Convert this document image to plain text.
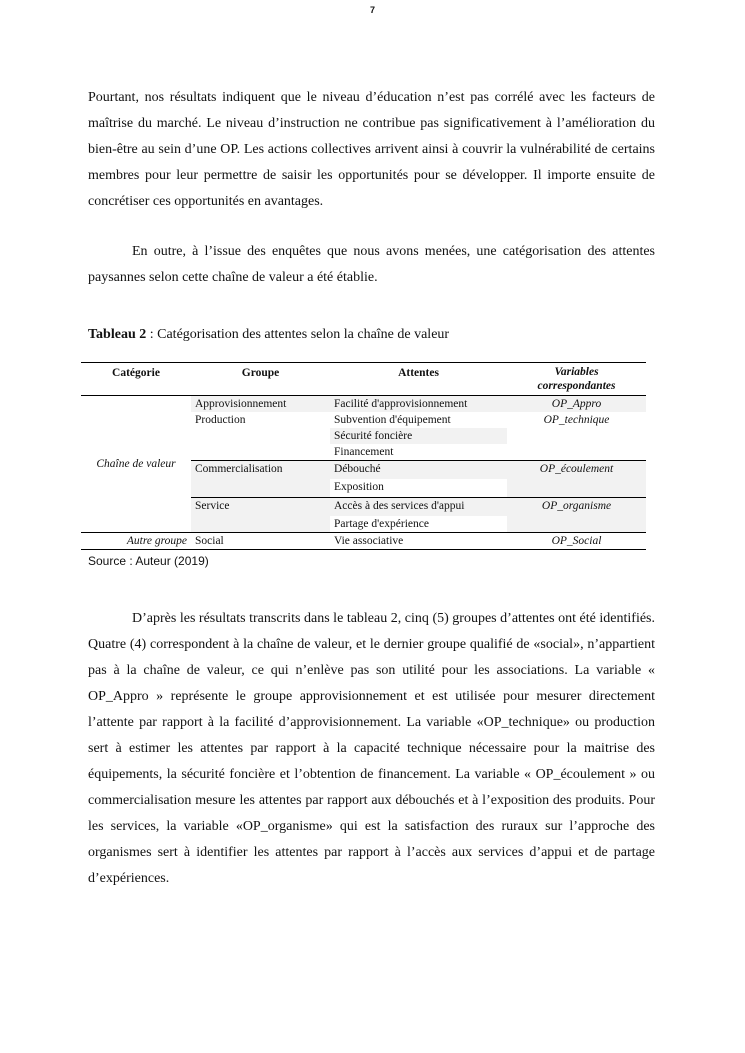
7

Pourtant, nos résultats indiquent que le niveau d’éducation n’est pas corrélé avec les facteurs de maîtrise du marché. Le niveau d’instruction ne contribue pas significativement à l’amélioration du bien-être au sein d’une OP. Les actions collectives arrivent ainsi à couvrir la vulnérabilité de certains membres pour leur permettre de saisir les opportunités pour se développer. Il importe ensuite de concrétiser ces opportunités en avantages.

En outre, à l’issue des enquêtes que nous avons menées, une catégorisation des attentes paysannes selon cette chaîne de valeur a été établie.

Tableau 2 : Catégorisation des attentes selon la chaîne de valeur

Catégorie	Groupe	Attentes	Variables
correspondantes
Chaîne de valeur	Approvisionnement	Facilité d'approvisionnement	OP_Appro
	Production	Subvention d'équipement	OP_technique
		Sécurité foncière	
		Financement	
	Commercialisation	Débouché	OP_écoulement
		Exposition	
	Service	Accès à des services d'appui	OP_organisme
		Partage d'expérience	

Autre groupe	Social	Vie associative	OP_Social
Source : Auteur (2019)

D’après les résultats transcrits dans le tableau 2, cinq (5) groupes d’attentes ont été identifiés. Quatre (4) correspondent à la chaîne de valeur, et le dernier groupe qualifié de «social», n’appartient pas à la chaîne de valeur, ce qui n’enlève pas son utilité pour les associations. La variable « OP_Appro » représente le groupe approvisionnement et est utilisée pour mesurer directement l’attente par rapport à la facilité d’approvisionnement. La variable «OP_technique» ou production sert à estimer les attentes par rapport à la capacité technique nécessaire pour la maitrise des équipements, la sécurité foncière et l’obtention de financement. La variable « OP_écoulement » ou commercialisation mesure les attentes par rapport aux débouchés et à l’exposition des produits. Pour les services, la variable «OP_organisme» qui est la satisfaction des ruraux sur l’approche des organismes sert à identifier les attentes par rapport à l’accès aux services d’appui et de partage d’expériences.
